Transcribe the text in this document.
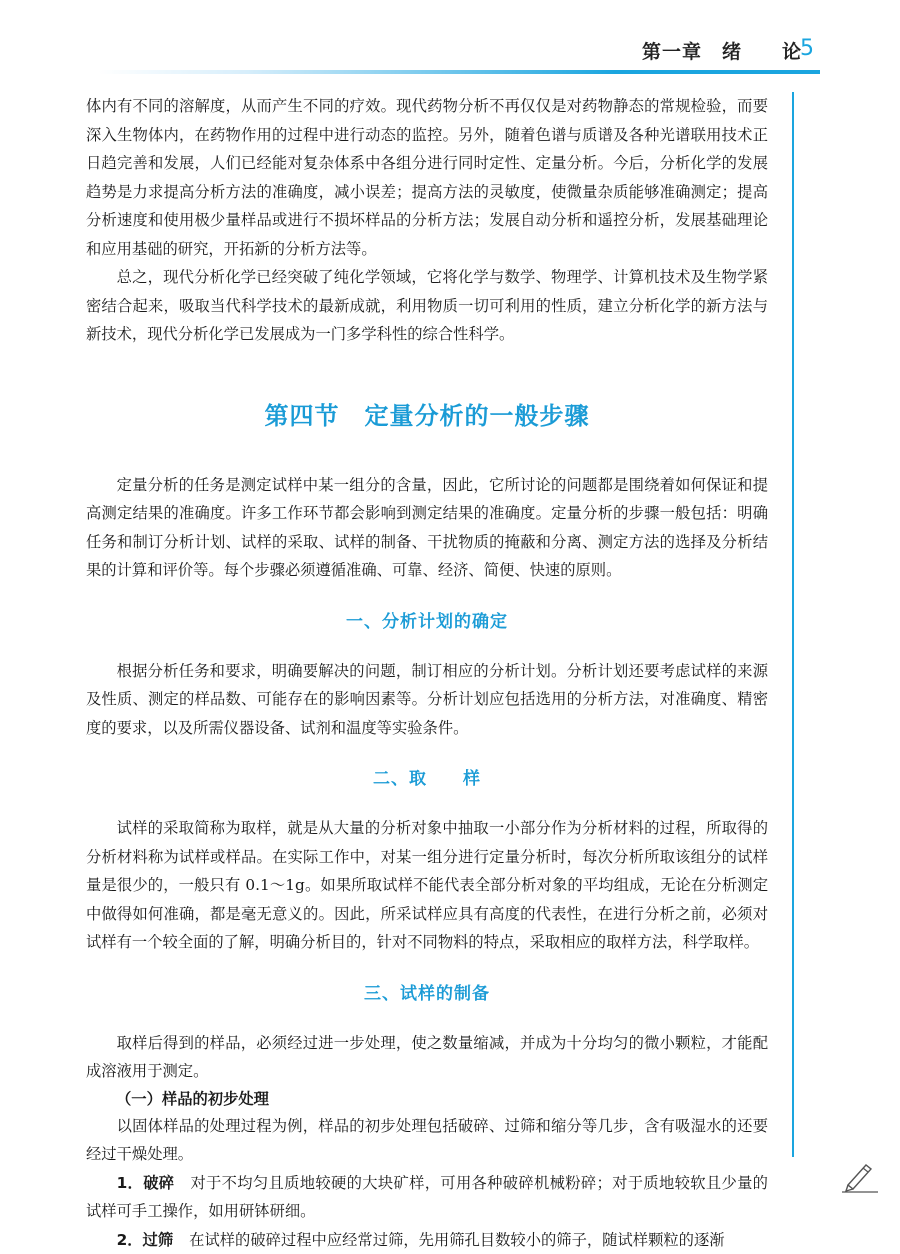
第一章　绪　　论
5

体内有不同的溶解度，从而产生不同的疗效。现代药物分析不再仅仅是对药物静态的常规检验，而要深入生物体内，在药物作用的过程中进行动态的监控。另外，随着色谱与质谱及各种光谱联用技术正日趋完善和发展，人们已经能对复杂体系中各组分进行同时定性、定量分析。今后，分析化学的发展趋势是力求提高分析方法的准确度，减小误差；提高方法的灵敏度，使微量杂质能够准确测定；提高分析速度和使用极少量样品或进行不损坏样品的分析方法；发展自动分析和遥控分析，发展基础理论和应用基础的研究，开拓新的分析方法等。

总之，现代分析化学已经突破了纯化学领域，它将化学与数学、物理学、计算机技术及生物学紧密结合起来，吸取当代科学技术的最新成就，利用物质一切可利用的性质，建立分析化学的新方法与新技术，现代分析化学已发展成为一门多学科性的综合性科学。

第四节　定量分析的一般步骤

定量分析的任务是测定试样中某一组分的含量，因此，它所讨论的问题都是围绕着如何保证和提高测定结果的准确度。许多工作环节都会影响到测定结果的准确度。定量分析的步骤一般包括：明确任务和制订分析计划、试样的采取、试样的制备、干扰物质的掩蔽和分离、测定方法的选择及分析结果的计算和评价等。每个步骤必须遵循准确、可靠、经济、简便、快速的原则。

一、分析计划的确定

根据分析任务和要求，明确要解决的问题，制订相应的分析计划。分析计划还要考虑试样的来源及性质、测定的样品数、可能存在的影响因素等。分析计划应包括选用的分析方法，对准确度、精密度的要求，以及所需仪器设备、试剂和温度等实验条件。

二、取　　样

试样的采取简称为取样，就是从大量的分析对象中抽取一小部分作为分析材料的过程，所取得的分析材料称为试样或样品。在实际工作中，对某一组分进行定量分析时，每次分析所取该组分的试样量是很少的，一般只有 0.1～1g。如果所取试样不能代表全部分析对象的平均组成，无论在分析测定中做得如何准确，都是毫无意义的。因此，所采试样应具有高度的代表性，在进行分析之前，必须对试样有一个较全面的了解，明确分析目的，针对不同物料的特点，采取相应的取样方法，科学取样。

三、试样的制备

取样后得到的样品，必须经过进一步处理，使之数量缩减，并成为十分均匀的微小颗粒，才能配成溶液用于测定。

（一）样品的初步处理

以固体样品的处理过程为例，样品的初步处理包括破碎、过筛和缩分等几步，含有吸湿水的还要经过干燥处理。

1．破碎 对于不均匀且质地较硬的大块矿样，可用各种破碎机械粉碎；对于质地较软且少量的试样可手工操作，如用研钵研细。

2．过筛 在试样的破碎过程中应经常过筛，先用筛孔目数较小的筛子，随试样颗粒的逐渐
